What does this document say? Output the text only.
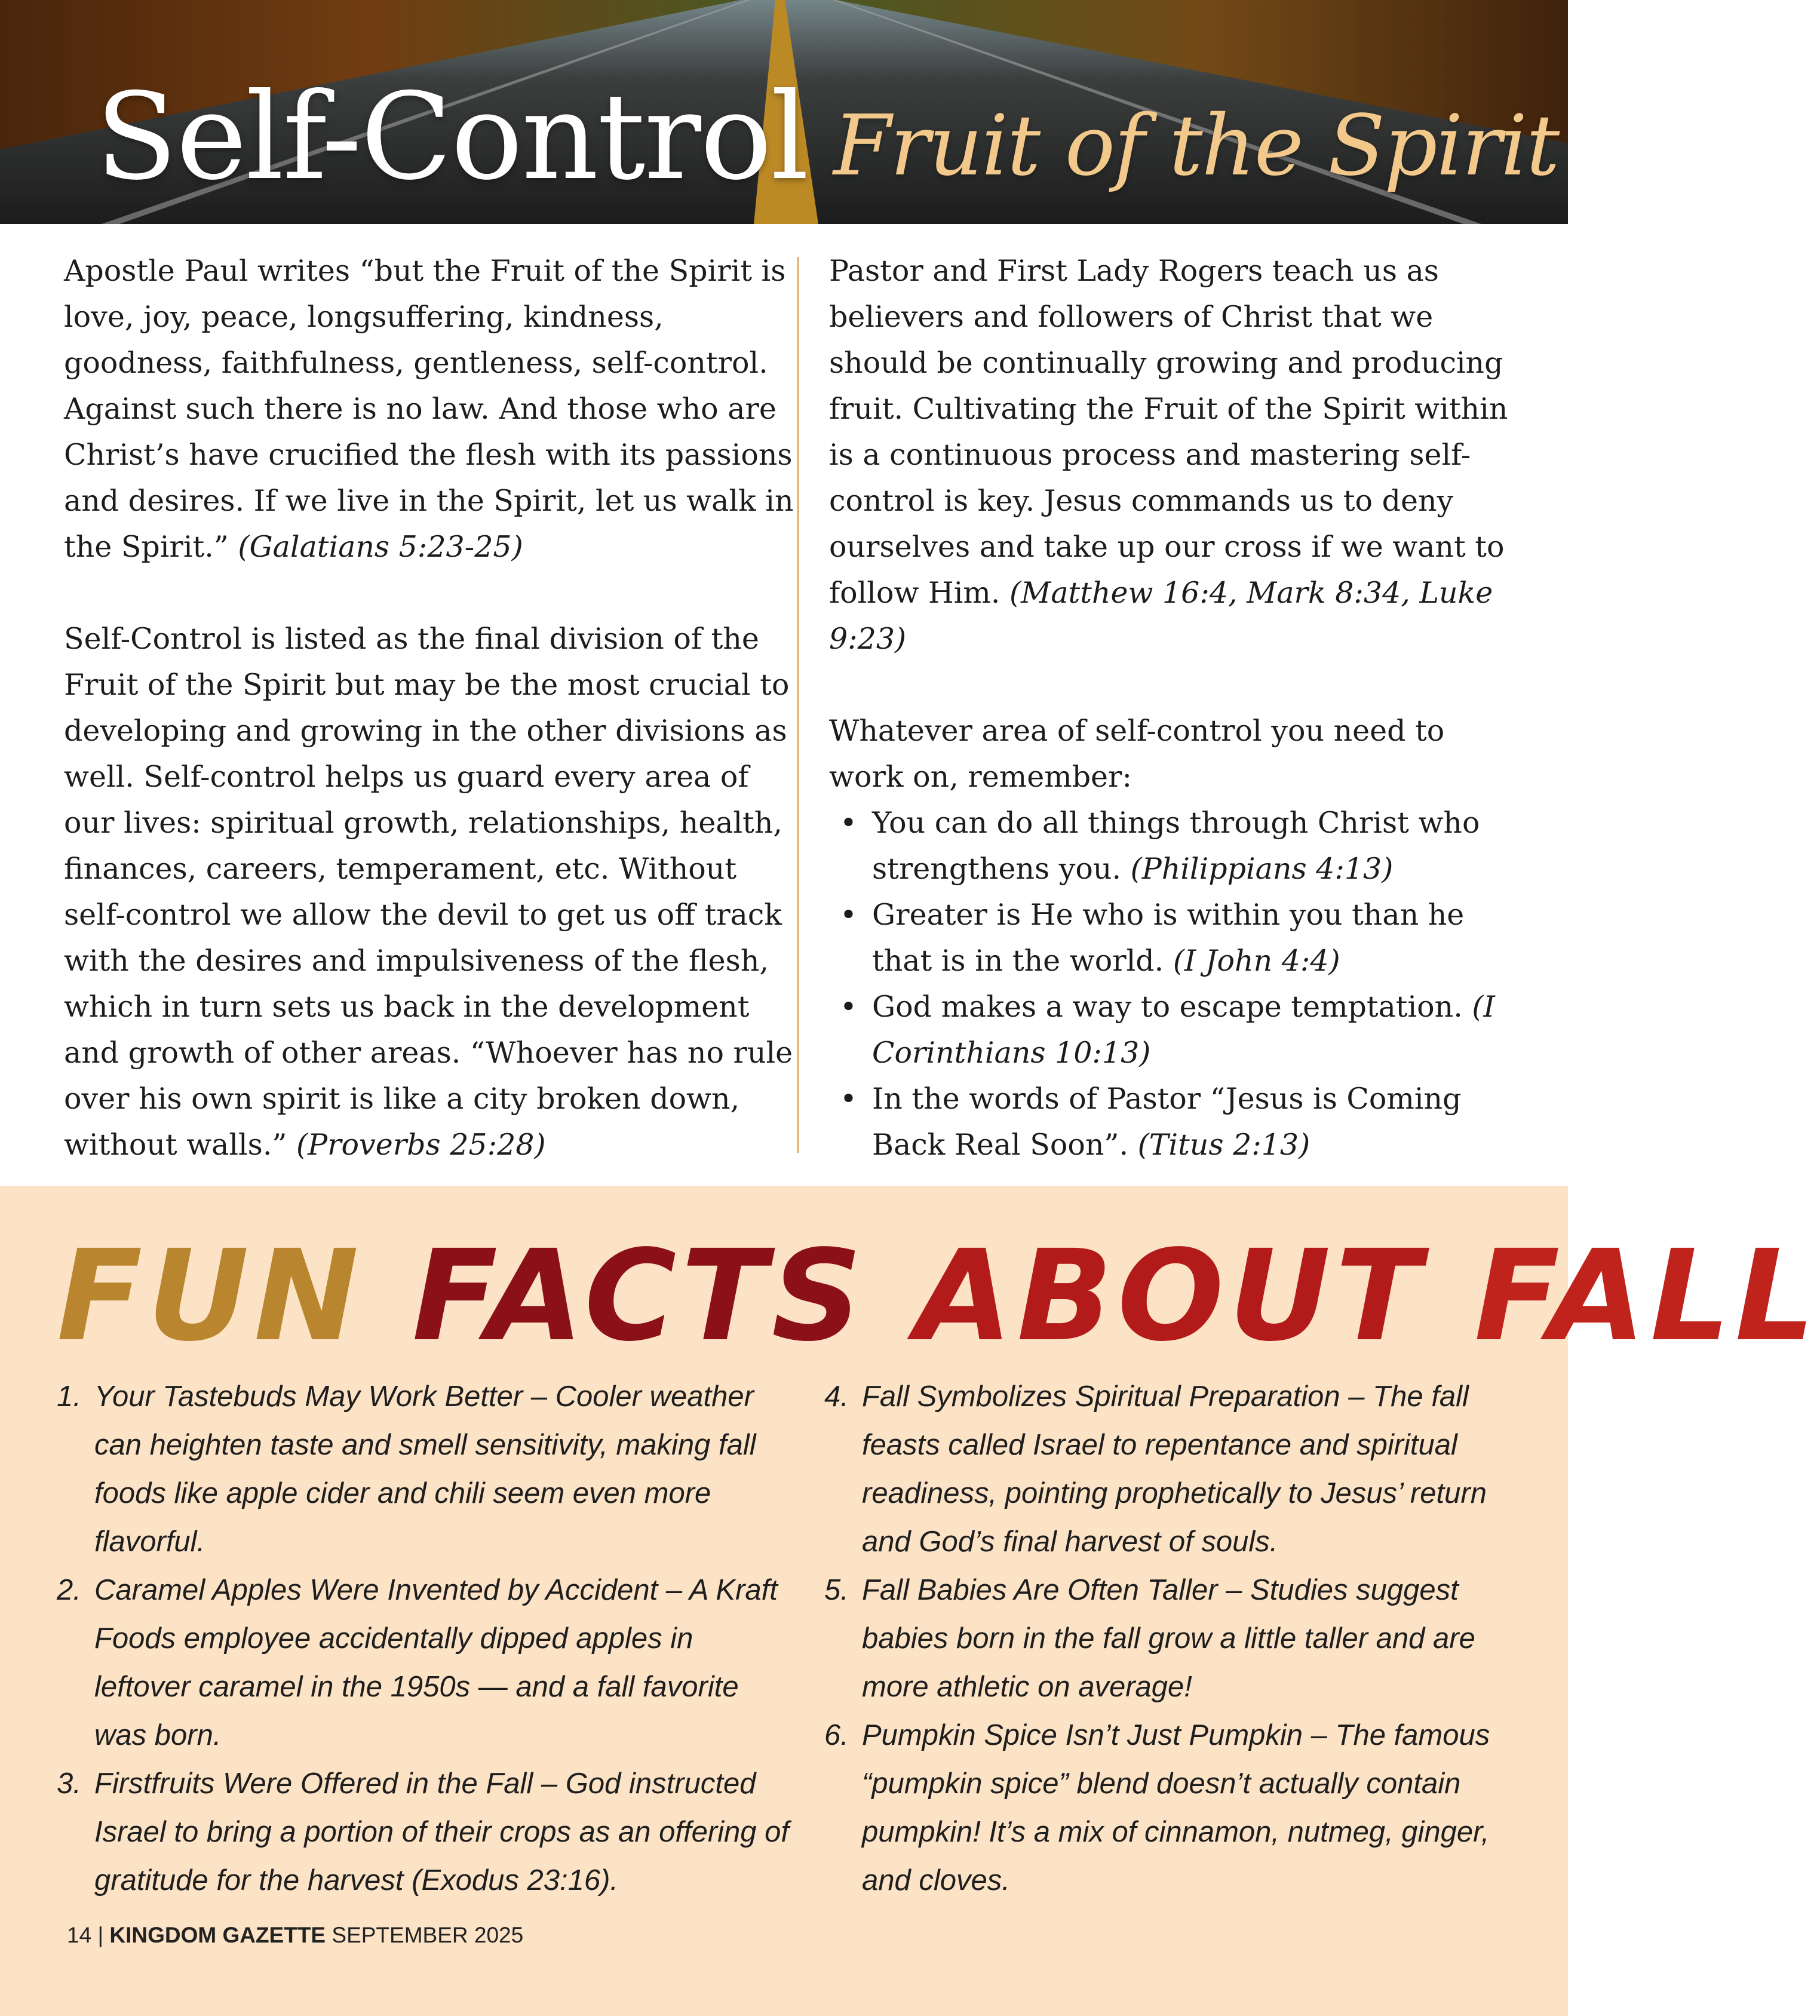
Self-Control Fruit of the Spirit

Apostle Paul writes “but the Fruit of the Spirit is love, joy, peace, longsuffering, kindness, goodness, faithfulness, gentleness, self-control. Against such there is no law. And those who are Christ’s have crucified the flesh with its passions and desires. If we live in the Spirit, let us walk in the Spirit.” (Galatians 5:23-25)

Self-Control is listed as the final division of the Fruit of the Spirit but may be the most crucial to developing and growing in the other divisions as well. Self-control helps us guard every area of our lives: spiritual growth, relationships, health, finances, careers, temperament, etc. Without self-control we allow the devil to get us off track with the desires and impulsiveness of the flesh, which in turn sets us back in the development and growth of other areas. “Whoever has no rule over his own spirit is like a city broken down, without walls.” (Proverbs 25:28)

Pastor and First Lady Rogers teach us as believers and followers of Christ that we should be continually growing and producing fruit. Cultivating the Fruit of the Spirit within is a continuous process and mastering self-control is key. Jesus commands us to deny ourselves and take up our cross if we want to follow Him. (Matthew 16:4, Mark 8:34, Luke 9:23)

Whatever area of self-control you need to work on, remember:
• You can do all things through Christ who strengthens you. (Philippians 4:13)
• Greater is He who is within you than he that is in the world. (I John 4:4)
• God makes a way to escape temptation. (I Corinthians 10:13)
• In the words of Pastor “Jesus is Coming Back Real Soon”. (Titus 2:13)
FUN FACTS ABOUT FALL
1. Your Tastebuds May Work Better – Cooler weather can heighten taste and smell sensitivity, making fall foods like apple cider and chili seem even more flavorful.
2. Caramel Apples Were Invented by Accident – A Kraft Foods employee accidentally dipped apples in leftover caramel in the 1950s — and a fall favorite was born.
3. Firstfruits Were Offered in the Fall – God instructed Israel to bring a portion of their crops as an offering of gratitude for the harvest (Exodus 23:16).
4. Fall Symbolizes Spiritual Preparation – The fall feasts called Israel to repentance and spiritual readiness, pointing prophetically to Jesus’ return and God’s final harvest of souls.
5. Fall Babies Are Often Taller – Studies suggest babies born in the fall grow a little taller and are more athletic on average!
6. Pumpkin Spice Isn’t Just Pumpkin – The famous “pumpkin spice” blend doesn’t actually contain pumpkin! It’s a mix of cinnamon, nutmeg, ginger, and cloves.
14 | KINGDOM GAZETTE SEPTEMBER 2025
